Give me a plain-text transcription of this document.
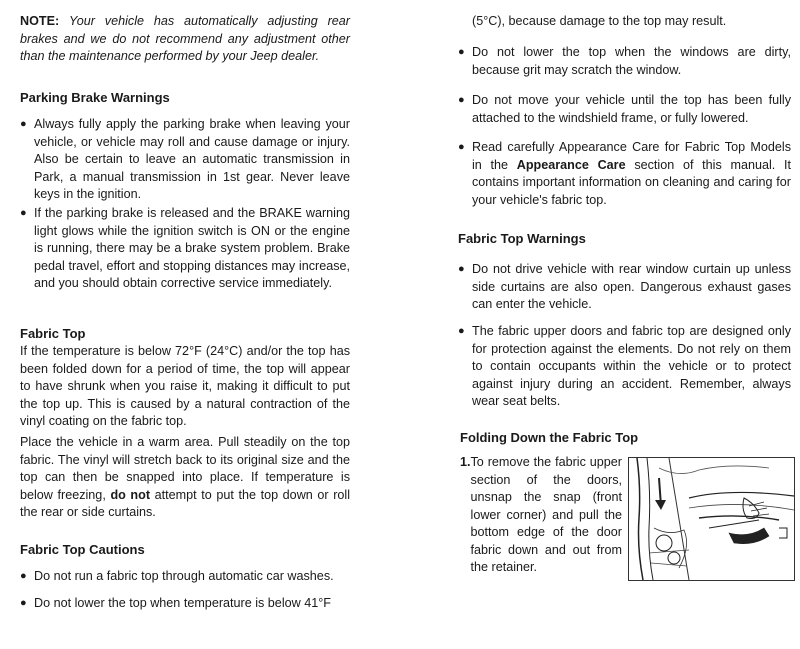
NOTE: Your vehicle has automatically adjusting rear brakes and we do not recommend any adjustment other than the maintenance performed by your Jeep dealer.

Parking Brake Warnings
● Always fully apply the parking brake when leaving your vehicle, or vehicle may roll and cause damage or injury. Also be certain to leave an automatic transmission in Park, a manual transmission in 1st gear. Never leave keys in the ignition.
● If the parking brake is released and the BRAKE warning light glows while the ignition switch is ON or the engine is running, there may be a brake system problem. Brake pedal travel, effort and stopping distances may increase, and you should obtain corrective service immediately.
Fabric Top

If the temperature is below 72°F (24°C) and/or the top has been folded down for a period of time, the top will appear to have shrunk when you raise it, making it difficult to put the top up. This is caused by a natural contraction of the vinyl coating on the fabric top.

Place the vehicle in a warm area. Pull steadily on the top fabric. The vinyl will stretch back to its original size and the top can then be snapped into place. If temperature is below freezing, do not attempt to put the top down or roll the rear or side curtains.

Fabric Top Cautions
● Do not run a fabric top through automatic car washes.
● Do not lower the top when temperature is below 41°F

(5°C), because damage to the top may result.

● Do not lower the top when the windows are dirty, because grit may scratch the window.
● Do not move your vehicle until the top has been fully attached to the windshield frame, or fully lowered.
● Read carefully Appearance Care for Fabric Top Models in the Appearance Care section of this manual. It contains important information on cleaning and caring for your vehicle's fabric top.
Fabric Top Warnings
● Do not drive vehicle with rear window curtain up unless side curtains are also open. Dangerous exhaust gases can enter the vehicle.
● The fabric upper doors and fabric top are designed only for protection against the elements. Do not rely on them to contain occupants within the vehicle or to protect against injury during an accident. Remember, always wear seat belts.
Folding Down the Fabric Top
1. To remove the fabric upper section of the doors, unsnap the snap (front lower corner) and pull the bottom edge of the door fabric down and out from the retainer.
